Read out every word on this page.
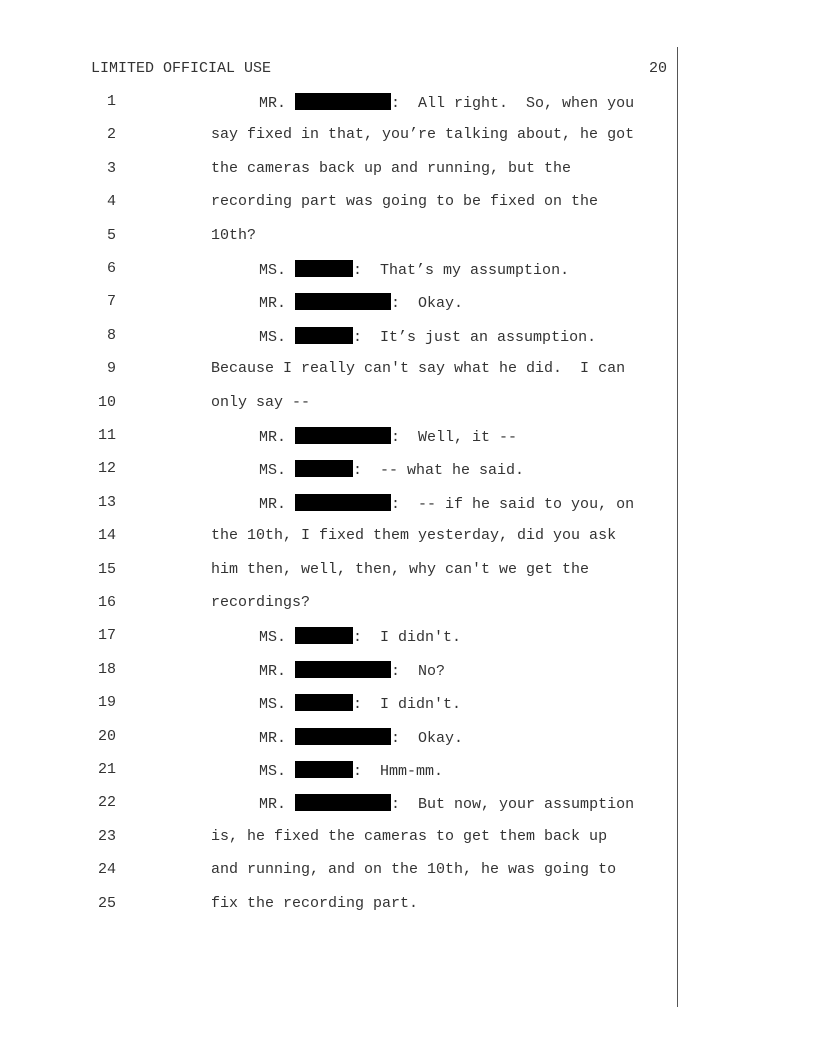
LIMITED OFFICIAL USE	20
1	MR.	:  All right.  So, when you
2	say fixed in that, you’re talking about, he got
3	the cameras back up and running, but the
4	recording part was going to be fixed on the
5	10th?
6	MS.	:  That’s my assumption.
7	MR.	:  Okay.
8	MS.	:  It’s just an assumption.
9	Because I really can't say what he did.  I can
10	only say --
11	MR.	:  Well, it --
12	MS.	:  -- what he said.
13	MR.	:  -- if he said to you, on
14	the 10th, I fixed them yesterday, did you ask
15	him then, well, then, why can't we get the
16	recordings?
17	MS.	:  I didn't.
18	MR.	:  No?
19	MS.	:  I didn't.
20	MR.	:  Okay.
21	MS.	:  Hmm-mm.
22	MR.	:  But now, your assumption
23	is, he fixed the cameras to get them back up
24	and running, and on the 10th, he was going to
25	fix the recording part.
